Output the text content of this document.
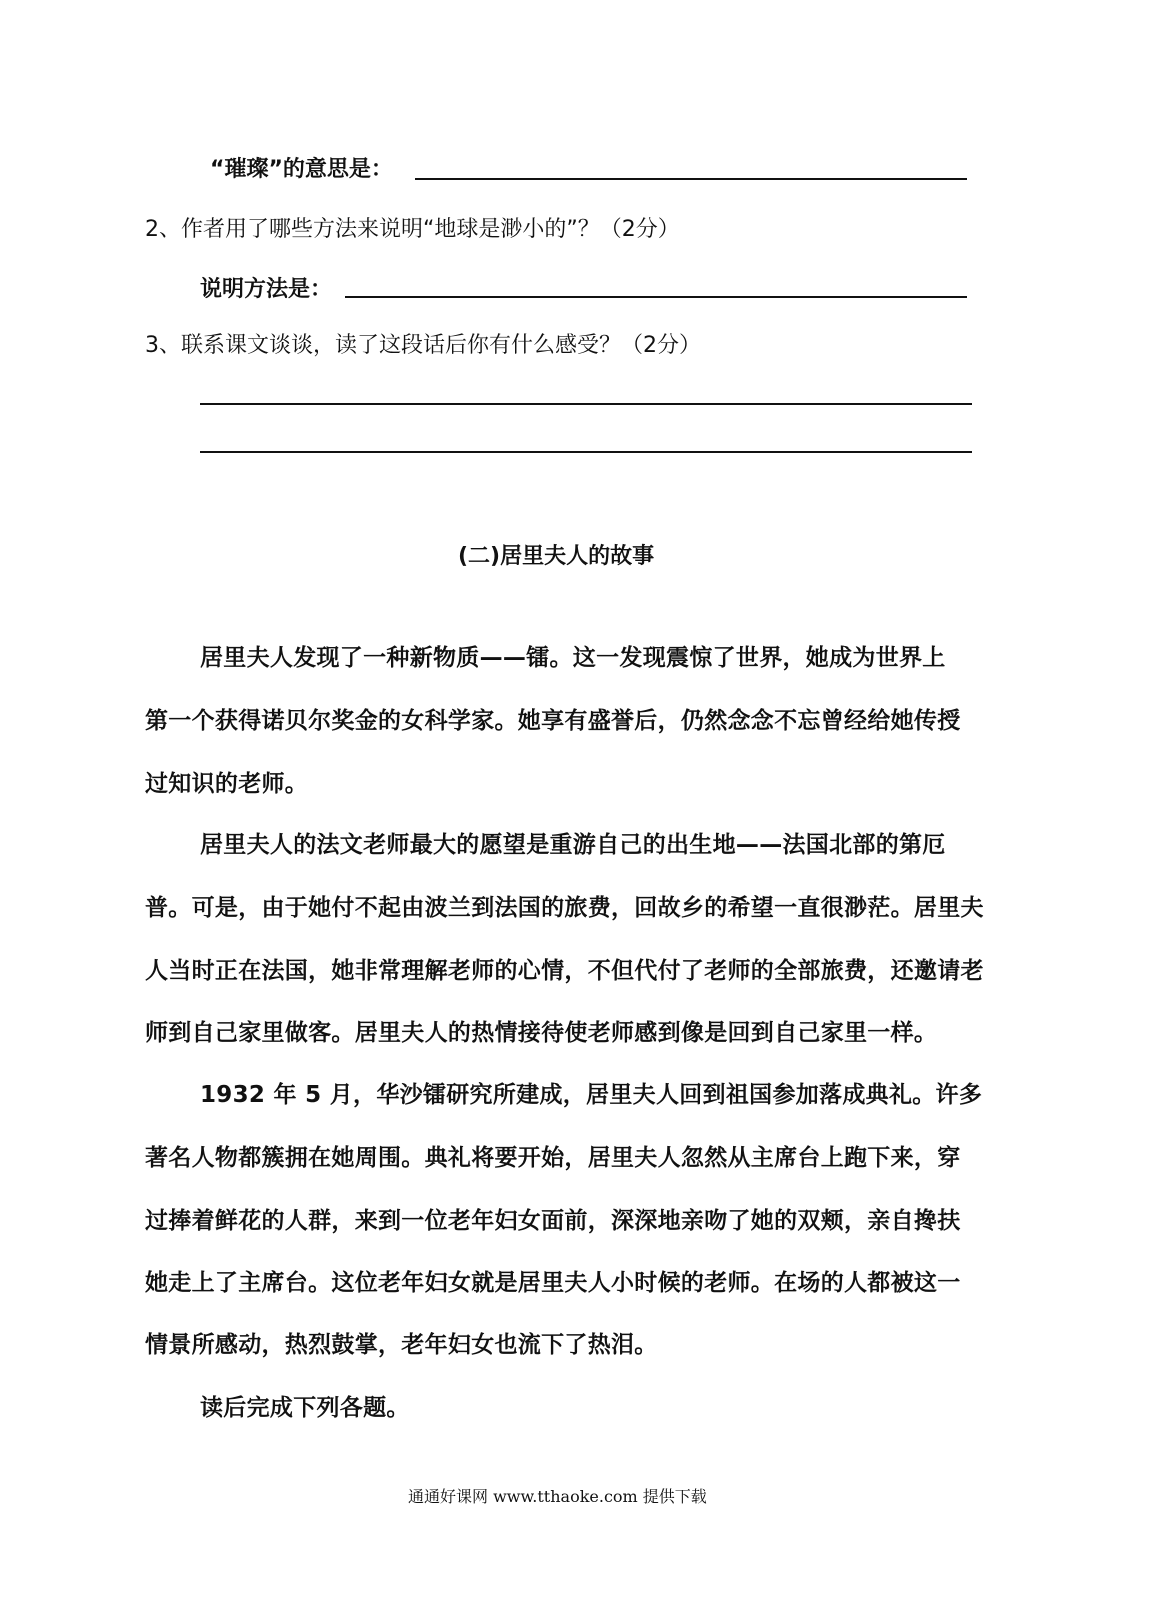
“璀璨”的意思是：
2、作者用了哪些方法来说明“地球是渺小的”？（2分）
说明方法是：
3、联系课文谈谈，读了这段话后你有什么感受？（2分）
(二)居里夫人的故事
居里夫人发现了一种新物质——镭。这一发现震惊了世界，她成为世界上
第一个获得诺贝尔奖金的女科学家。她享有盛誉后，仍然念念不忘曾经给她传授
过知识的老师。
居里夫人的法文老师最大的愿望是重游自己的出生地——法国北部的第厄
普。可是，由于她付不起由波兰到法国的旅费，回故乡的希望一直很渺茫。居里夫
人当时正在法国，她非常理解老师的心情，不但代付了老师的全部旅费，还邀请老
师到自己家里做客。居里夫人的热情接待使老师感到像是回到自己家里一样。
1932 年 5 月，华沙镭研究所建成，居里夫人回到祖国参加落成典礼。许多
著名人物都簇拥在她周围。典礼将要开始，居里夫人忽然从主席台上跑下来，穿
过捧着鲜花的人群，来到一位老年妇女面前，深深地亲吻了她的双颊，亲自搀扶
她走上了主席台。这位老年妇女就是居里夫人小时候的老师。在场的人都被这一
情景所感动，热烈鼓掌，老年妇女也流下了热泪。
读后完成下列各题。
通通好课网 www.tthaoke.com 提供下载
